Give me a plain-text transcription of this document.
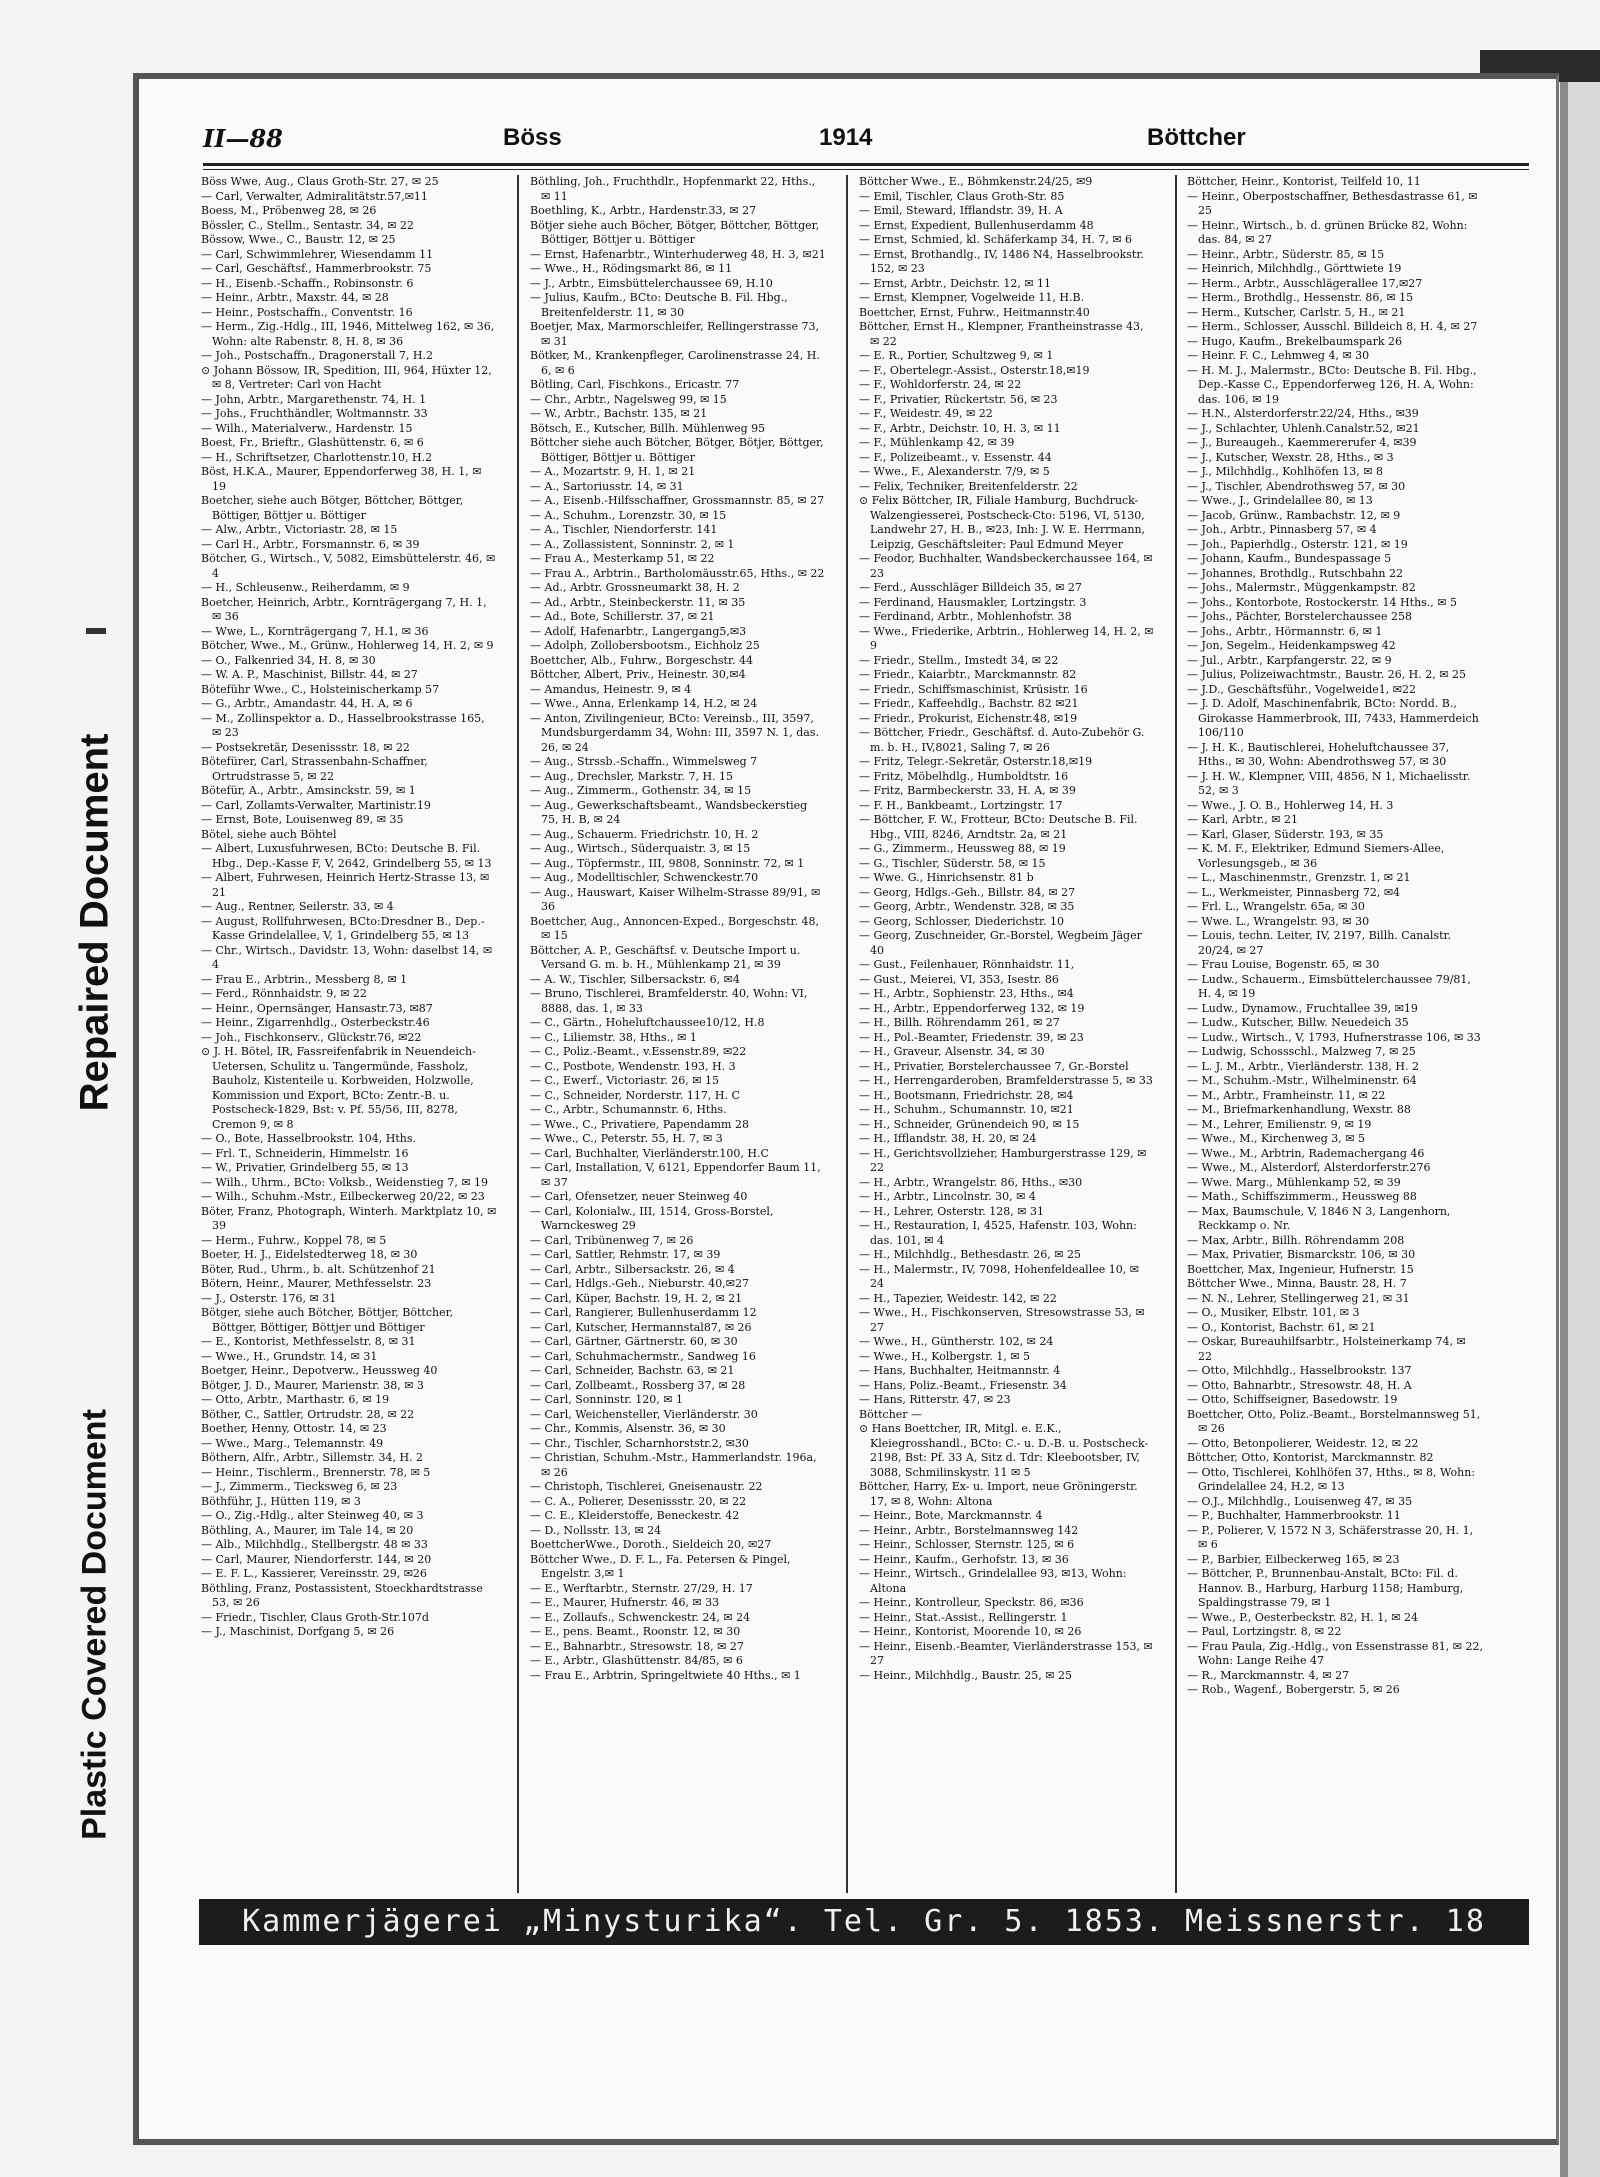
Repaired Document
Plastic Covered Document
II—88	Böss	1914	Böttcher

Böss Wwe, Aug., Claus Groth-Str. 27, ✉ 25

— Carl, Verwalter, Admiralitätstr.57,✉11

Boess, M., Pröbenweg 28, ✉ 26

Bössler, C., Stellm., Sentastr. 34, ✉ 22

Bössow, Wwe., C., Baustr. 12, ✉ 25

— Carl, Schwimmlehrer, Wiesendamm 11

— Carl, Geschäftsf., Hammerbrookstr. 75

— H., Eisenb.-Schaffn., Robinsonstr. 6

— Heinr., Arbtr., Maxstr. 44, ✉ 28

— Heinr., Postschaffn., Conventstr. 16

— Herm., Zig.-Hdlg., III, 1946, Mittelweg 162, ✉ 36, Wohn: alte Rabenstr. 8, H. 8, ✉ 36

— Joh., Postschaffn., Dragonerstall 7, H.2

⊙ Johann Bössow, IR, Spedition, III, 964, Hüxter 12, ✉ 8, Vertreter: Carl von Hacht

— John, Arbtr., Margarethenstr. 74, H. 1

— Johs., Fruchthändler, Woltmannstr. 33

— Wilh., Materialverw., Hardenstr. 15

Boest, Fr., Brieftr., Glashüttenstr. 6, ✉ 6

— H., Schriftsetzer, Charlottenstr.10, H.2

Böst, H.K.A., Maurer, Eppendorferweg 38, H. 1, ✉ 19

Boetcher, siehe auch Bötger, Böttcher, Böttger, Böttiger, Böttjer u. Böttiger

— Alw., Arbtr., Victoriastr. 28, ✉ 15

— Carl H., Arbtr., Forsmannstr. 6, ✉ 39

Bötcher, G., Wirtsch., V, 5082, Eimsbüttelerstr. 46, ✉ 4

— H., Schleusenw., Reiherdamm, ✉ 9

Boetcher, Heinrich, Arbtr., Kornträgergang 7, H. 1, ✉ 36

— Wwe, L., Kornträgergang 7, H.1, ✉ 36

Bötcher, Wwe., M., Grünw., Hohlerweg 14, H. 2, ✉ 9

— O., Falkenried 34, H. 8, ✉ 30

— W. A. P., Maschinist, Billstr. 44, ✉ 27

Böteführ Wwe., C., Holsteinischerkamp 57

— G., Arbtr., Amandastr. 44, H. A, ✉ 6

— M., Zollinspektor a. D., Hasselbrookstrasse 165, ✉ 23

— Postsekretär, Desenissstr. 18, ✉ 22

Bötefürer, Carl, Strassenbahn-Schaffner, Ortrudstrasse 5, ✉ 22

Bötefür, A., Arbtr., Amsinckstr. 59, ✉ 1

— Carl, Zollamts-Verwalter, Martinistr.19

— Ernst, Bote, Louisenweg 89, ✉ 35

Bötel, siehe auch Böhtel

— Albert, Luxusfuhrwesen, BCto: Deutsche B. Fil. Hbg., Dep.-Kasse F, V, 2642, Grindelberg 55, ✉ 13

— Albert, Fuhrwesen, Heinrich Hertz-Strasse 13, ✉ 21

— Aug., Rentner, Seilerstr. 33, ✉ 4

— August, Rollfuhrwesen, BCto:Dresdner B., Dep.-Kasse Grindelallee, V, 1, Grindelberg 55, ✉ 13

— Chr., Wirtsch., Davidstr. 13, Wohn: daselbst 14, ✉ 4

— Frau E., Arbtrin., Messberg 8, ✉ 1

— Ferd., Rönnhaidstr. 9, ✉ 22

— Heinr., Opernsänger, Hansastr.73, ✉87

— Heinr., Zigarrenhdlg., Osterbeckstr.46

— Joh., Fischkonserv., Glückstr.76, ✉22

⊙ J. H. Bötel, IR, Fassreifenfabrik in Neuendeich-Uetersen, Schulitz u. Tangermünde, Fassholz, Bauholz, Kistenteile u. Korbweiden, Holzwolle, Kommission und Export, BCto: Zentr.-B. u. Postscheck-1829, Bst: v. Pf. 55/56, III, 8278, Cremon 9, ✉ 8

— O., Bote, Hasselbrookstr. 104, Hths.

— Frl. T., Schneiderin, Himmelstr. 16

— W., Privatier, Grindelberg 55, ✉ 13

— Wilh., Uhrm., BCto: Volksb., Weidenstieg 7, ✉ 19

— Wilh., Schuhm.-Mstr., Eilbeckerweg 20/22, ✉ 23

Böter, Franz, Photograph, Winterh. Marktplatz 10, ✉ 39

— Herm., Fuhrw., Koppel 78, ✉ 5

Boeter, H. J., Eidelstedterweg 18, ✉ 30

Böter, Rud., Uhrm., b. alt. Schützenhof 21

Bötern, Heinr., Maurer, Methfesselstr. 23

— J., Osterstr. 176, ✉ 31

Bötger, siehe auch Bötcher, Böttjer, Böttcher, Böttger, Böttiger, Böttjer und Böttiger

— E., Kontorist, Methfesselstr. 8, ✉ 31

— Wwe., H., Grundstr. 14, ✉ 31

Boetger, Heinr., Depotverw., Heussweg 40

Bötger, J. D., Maurer, Marienstr. 38, ✉ 3

— Otto, Arbtr., Marthastr. 6, ✉ 19

Böther, C., Sattler, Ortrudstr. 28, ✉ 22

Boether, Henny, Ottostr. 14, ✉ 23

— Wwe., Marg., Telemannstr. 49

Böthern, Alfr., Arbtr., Sillemstr. 34, H. 2

— Heinr., Tischlerm., Brennerstr. 78, ✉ 5

— J., Zimmerm., Tiecksweg 6, ✉ 23

Böthführ, J., Hütten 119, ✉ 3

— O., Zig.-Hdlg., alter Steinweg 40, ✉ 3

Böthling, A., Maurer, im Tale 14, ✉ 20

— Alb., Milchhdlg., Stellbergstr. 48 ✉ 33

— Carl, Maurer, Niendorferstr. 144, ✉ 20

— E. F. L., Kassierer, Vereinsstr. 29, ✉26

Böthling, Franz, Postassistent, Stoeckhardtstrasse 53, ✉ 26

— Friedr., Tischler, Claus Groth-Str.107d

— J., Maschinist, Dorfgang 5, ✉ 26

Böthling, Joh., Fruchthdlr., Hopfenmarkt 22, Hths., ✉ 11

Boethling, K., Arbtr., Hardenstr.33, ✉ 27

Bötjer siehe auch Böcher, Bötger, Böttcher, Böttger, Böttiger, Böttjer u. Böttiger

— Ernst, Hafenarbtr., Winterhuderweg 48, H. 3, ✉21

— Wwe., H., Rödingsmarkt 86, ✉ 11

— J., Arbtr., Eimsbüttelerchaussee 69, H.10

— Julius, Kaufm., BCto: Deutsche B. Fil. Hbg., Breitenfelderstr. 11, ✉ 30

Boetjer, Max, Marmorschleifer, Rellingerstrasse 73, ✉ 31

Bötker, M., Krankenpfleger, Carolinenstrasse 24, H. 6, ✉ 6

Bötling, Carl, Fischkons., Ericastr. 77

— Chr., Arbtr., Nagelsweg 99, ✉ 15

— W., Arbtr., Bachstr. 135, ✉ 21

Bötsch, E., Kutscher, Billh. Mühlenweg 95

Böttcher siehe auch Bötcher, Bötger, Bötjer, Böttger, Böttiger, Böttjer u. Böttiger

— A., Mozartstr. 9, H. 1, ✉ 21

— A., Sartoriusstr. 14, ✉ 31

— A., Eisenb.-Hilfsschaffner, Grossmannstr. 85, ✉ 27

— A., Schuhm., Lorenzstr. 30, ✉ 15

— A., Tischler, Niendorferstr. 141

— A., Zollassistent, Sonninstr. 2, ✉ 1

— Frau A., Mesterkamp 51, ✉ 22

— Frau A., Arbtrin., Bartholomäusstr.65, Hths., ✉ 22

— Ad., Arbtr. Grossneumarkt 38, H. 2

— Ad., Arbtr., Steinbeckerstr. 11, ✉ 35

— Ad., Bote, Schillerstr. 37, ✉ 21

— Adolf, Hafenarbtr., Langergang5,✉3

— Adolph, Zollobersbootsm., Eichholz 25

Boettcher, Alb., Fuhrw., Borgeschstr. 44

Böttcher, Albert, Priv., Heinestr. 30,✉4

— Amandus, Heinestr. 9, ✉ 4

— Wwe., Anna, Erlenkamp 14, H.2, ✉ 24

— Anton, Zivilingenieur, BCto: Vereinsb., III, 3597, Mundsburgerdamm 34, Wohn: III, 3597 N. 1, das. 26, ✉ 24

— Aug., Strssb.-Schaffn., Wimmelsweg 7

— Aug., Drechsler, Markstr. 7, H. 15

— Aug., Zimmerm., Gothenstr. 34, ✉ 15

— Aug., Gewerkschaftsbeamt., Wandsbeckerstieg 75, H. B, ✉ 24

— Aug., Schauerm. Friedrichstr. 10, H. 2

— Aug., Wirtsch., Süderquaistr. 3, ✉ 15

— Aug., Töpfermstr., III, 9808, Sonninstr. 72, ✉ 1

— Aug., Modelltischler, Schwenckestr.70

— Aug., Hauswart, Kaiser Wilhelm-Strasse 89/91, ✉ 36

Boettcher, Aug., Annoncen-Exped., Borgeschstr. 48, ✉ 15

Böttcher, A. P., Geschäftsf. v. Deutsche Import u. Versand G. m. b. H., Mühlenkamp 21, ✉ 39

— A. W., Tischler, Silbersackstr. 6, ✉4

— Bruno, Tischlerei, Bramfelderstr. 40, Wohn: VI, 8888, das. 1, ✉ 33

— C., Gärtn., Hoheluftchaussee10/12, H.8

— C., Liliemstr. 38, Hths., ✉ 1

— C., Poliz.-Beamt., v.Essenstr.89, ✉22

— C., Postbote, Wendenstr. 193, H. 3

— C., Ewerf., Victoriastr. 26, ✉ 15

— C., Schneider, Norderstr. 117, H. C

— C., Arbtr., Schumannstr. 6, Hths.

— Wwe., C., Privatiere, Papendamm 28

— Wwe., C., Peterstr. 55, H. 7, ✉ 3

— Carl, Buchhalter, Vierländerstr.100, H.C

— Carl, Installation, V, 6121, Eppendorfer Baum 11, ✉ 37

— Carl, Ofensetzer, neuer Steinweg 40

— Carl, Kolonialw., III, 1514, Gross-Borstel, Warnckesweg 29

— Carl, Tribünenweg 7, ✉ 26

— Carl, Sattler, Rehmstr. 17, ✉ 39

— Carl, Arbtr., Silbersackstr. 26, ✉ 4

— Carl, Hdlgs.-Geh., Nieburstr. 40,✉27

— Carl, Küper, Bachstr. 19, H. 2, ✉ 21

— Carl, Rangierer, Bullenhuserdamm 12

— Carl, Kutscher, Hermannstal87, ✉ 26

— Carl, Gärtner, Gärtnerstr. 60, ✉ 30

— Carl, Schuhmachermstr., Sandweg 16

— Carl, Schneider, Bachstr. 63, ✉ 21

— Carl, Zollbeamt., Rossberg 37, ✉ 28

— Carl, Sonninstr. 120, ✉ 1

— Carl, Weichensteller, Vierländerstr. 30

— Chr., Kommis, Alsenstr. 36, ✉ 30

— Chr., Tischler, Scharnhorststr.2, ✉30

— Christian, Schuhm.-Mstr., Hammerlandstr. 196a, ✉ 26

— Christoph, Tischlerei, Gneisenaustr. 22

— C. A., Polierer, Desenissstr. 20, ✉ 22

— C. E., Kleiderstoffe, Beneckestr. 42

— D., Nollsstr. 13, ✉ 24

BoettcherWwe., Doroth., Sieldeich 20, ✉27

Böttcher Wwe., D. F. L., Fa. Petersen & Pingel, Engelstr. 3,✉ 1

— E., Werftarbtr., Sternstr. 27/29, H. 17

— E., Maurer, Hufnerstr. 46, ✉ 33

— E., Zollaufs., Schwenckestr. 24, ✉ 24

— E., pens. Beamt., Roonstr. 12, ✉ 30

— E., Bahnarbtr., Stresowstr. 18, ✉ 27

— E., Arbtr., Glashüttenstr. 84/85, ✉ 6

— Frau E., Arbtrin, Springeltwiete 40 Hths., ✉ 1

Böttcher Wwe., E., Böhmkenstr.24/25, ✉9

— Emil, Tischler, Claus Groth-Str. 85

— Emil, Steward, Ifflandstr. 39, H. A

— Ernst, Expedient, Bullenhuserdamm 48

— Ernst, Schmied, kl. Schäferkamp 34, H. 7, ✉ 6

— Ernst, Brothandlg., IV, 1486 N4, Hasselbrookstr. 152, ✉ 23

— Ernst, Arbtr., Deichstr. 12, ✉ 11

— Ernst, Klempner, Vogelweide 11, H.B.

Boettcher, Ernst, Fuhrw., Heitmannstr.40

Böttcher, Ernst H., Klempner, Frantheinstrasse 43, ✉ 22

— E. R., Portier, Schultzweg 9, ✉ 1

— F., Obertelegr.-Assist., Osterstr.18,✉19

— F., Wohldorferstr. 24, ✉ 22

— F., Privatier, Rückertstr. 56, ✉ 23

— F., Weidestr. 49, ✉ 22

— F., Arbtr., Deichstr. 10, H. 3, ✉ 11

— F., Mühlenkamp 42, ✉ 39

— F., Polizeibeamt., v. Essenstr. 44

— Wwe., F., Alexanderstr. 7/9, ✉ 5

— Felix, Techniker, Breitenfelderstr. 22

⊙ Felix Böttcher, IR, Filiale Hamburg, Buchdruck-Walzengiesserei, Postscheck-Cto: 5196, VI, 5130, Landwehr 27, H. B., ✉23, Inh: J. W. E. Herrmann, Leipzig, Geschäftsleiter: Paul Edmund Meyer

— Feodor, Buchhalter, Wandsbeckerchaussee 164, ✉ 23

— Ferd., Ausschläger Billdeich 35, ✉ 27

— Ferdinand, Hausmakler, Lortzingstr. 3

— Ferdinand, Arbtr., Mohlenhofstr. 38

— Wwe., Friederike, Arbtrin., Hohlerweg 14, H. 2, ✉ 9

— Friedr., Stellm., Imstedt 34, ✉ 22

— Friedr., Kaiarbtr., Marckmannstr. 82

— Friedr., Schiffsmaschinist, Krüsistr. 16

— Friedr., Kaffeehdlg., Bachstr. 82 ✉21

— Friedr., Prokurist, Eichenstr.48, ✉19

— Böttcher, Friedr., Geschäftsf. d. Auto-Zubehör G. m. b. H., IV,8021, Saling 7, ✉ 26

— Fritz, Telegr.-Sekretär, Osterstr.18,✉19

— Fritz, Möbelhdlg., Humboldtstr. 16

— Fritz, Barmbeckerstr. 33, H. A, ✉ 39

— F. H., Bankbeamt., Lortzingstr. 17

— Böttcher, F. W., Frotteur, BCto: Deutsche B. Fil. Hbg., VIII, 8246, Arndtstr. 2a, ✉ 21

— G., Zimmerm., Heussweg 88, ✉ 19

— G., Tischler, Süderstr. 58, ✉ 15

— Wwe. G., Hinrichsenstr. 81 b

— Georg, Hdlgs.-Geh., Billstr. 84, ✉ 27

— Georg, Arbtr., Wendenstr. 328, ✉ 35

— Georg, Schlosser, Diederichstr. 10

— Georg, Zuschneider, Gr.-Borstel, Wegbeim Jäger 40

— Gust., Feilenhauer, Rönnhaidstr. 11,

— Gust., Meierei, VI, 353, Isestr. 86

— H., Arbtr., Sophienstr. 23, Hths., ✉4

— H., Arbtr., Eppendorferweg 132, ✉ 19

— H., Billh. Röhrendamm 261, ✉ 27

— H., Pol.-Beamter, Friedenstr. 39, ✉ 23

— H., Graveur, Alsenstr. 34, ✉ 30

— H., Privatier, Borstelerchaussee 7, Gr.-Borstel

— H., Herrengarderoben, Bramfelderstrasse 5, ✉ 33

— H., Bootsmann, Friedrichstr. 28, ✉4

— H., Schuhm., Schumannstr. 10, ✉21

— H., Schneider, Grünendeich 90, ✉ 15

— H., Ifflandstr. 38, H. 20, ✉ 24

— H., Gerichtsvollzieher, Hamburgerstrasse 129, ✉ 22

— H., Arbtr., Wrangelstr. 86, Hths., ✉30

— H., Arbtr., Lincolnstr. 30, ✉ 4

— H., Lehrer, Osterstr. 128, ✉ 31

— H., Restauration, I, 4525, Hafenstr. 103, Wohn: das. 101, ✉ 4

— H., Milchhdlg., Bethesdastr. 26, ✉ 25

— H., Malermstr., IV, 7098, Hohenfeldeallee 10, ✉ 24

— H., Tapezier, Weidestr. 142, ✉ 22

— Wwe., H., Fischkonserven, Stresowstrasse 53, ✉ 27

— Wwe., H., Güntherstr. 102, ✉ 24

— Wwe., H., Kolbergstr. 1, ✉ 5

— Hans, Buchhalter, Heitmannstr. 4

— Hans, Poliz.-Beamt., Friesenstr. 34

— Hans, Ritterstr. 47, ✉ 23

Böttcher —

⊙ Hans Boettcher, IR, Mitgl. e. E.K., Kleiegrosshandl., BCto: C.- u. D.-B. u. Postscheck- 2198, Bst: Pf. 33 A, Sitz d. Tdr: Kleebootsber, IV, 3088, Schmilinskystr. 11 ✉ 5

Böttcher, Harry, Ex- u. Import, neue Gröningerstr. 17, ✉ 8, Wohn: Altona

— Heinr., Bote, Marckmannstr. 4

— Heinr., Arbtr., Borstelmannsweg 142

— Heinr., Schlosser, Sternstr. 125, ✉ 6

— Heinr., Kaufm., Gerhofstr. 13, ✉ 36

— Heinr., Wirtsch., Grindelallee 93, ✉13, Wohn: Altona

— Heinr., Kontrolleur, Speckstr. 86, ✉36

— Heinr., Stat.-Assist., Rellingerstr. 1

— Heinr., Kontorist, Moorende 10, ✉ 26

— Heinr., Eisenb.-Beamter, Vierländerstrasse 153, ✉ 27

— Heinr., Milchhdlg., Baustr. 25, ✉ 25

Böttcher, Heinr., Kontorist, Teilfeld 10, 11

— Heinr., Oberpostschaffner, Bethesdastrasse 61, ✉ 25

— Heinr., Wirtsch., b. d. grünen Brücke 82, Wohn: das. 84, ✉ 27

— Heinr., Arbtr., Süderstr. 85, ✉ 15

— Heinrich, Milchhdlg., Görttwiete 19

— Herm., Arbtr., Ausschlägerallee 17,✉27

— Herm., Brothdlg., Hessenstr. 86, ✉ 15

— Herm., Kutscher, Carlstr. 5, H., ✉ 21

— Herm., Schlosser, Ausschl. Billdeich 8, H. 4, ✉ 27

— Hugo, Kaufm., Brekelbaumspark 26

— Heinr. F. C., Lehmweg 4, ✉ 30

— H. M. J., Malermstr., BCto: Deutsche B. Fil. Hbg., Dep.-Kasse C., Eppendorferweg 126, H. A, Wohn: das. 106, ✉ 19

— H.N., Alsterdorferstr.22/24, Hths., ✉39

— J., Schlachter, Uhlenh.Canalstr.52, ✉21

— J., Bureaugeh., Kaemmererufer 4, ✉39

— J., Kutscher, Wexstr. 28, Hths., ✉ 3

— J., Milchhdlg., Kohlhöfen 13, ✉ 8

— J., Tischler, Abendrothsweg 57, ✉ 30

— Wwe., J., Grindelallee 80, ✉ 13

— Jacob, Grünw., Rambachstr. 12, ✉ 9

— Joh., Arbtr., Pinnasberg 57, ✉ 4

— Joh., Papierhdlg., Osterstr. 121, ✉ 19

— Johann, Kaufm., Bundespassage 5

— Johannes, Brothdlg., Rutschbahn 22

— Johs., Malermstr., Müggenkampstr. 82

— Johs., Kontorbote, Rostockerstr. 14 Hths., ✉ 5

— Johs., Pächter, Borstelerchaussee 258

— Johs., Arbtr., Hörmannstr. 6, ✉ 1

— Jon, Segelm., Heidenkampsweg 42

— Jul., Arbtr., Karpfangerstr. 22, ✉ 9

— Julius, Polizeiwachtmstr., Baustr. 26, H. 2, ✉ 25

— J.D., Geschäftsführ., Vogelweide1, ✉22

— J. D. Adolf, Maschinenfabrik, BCto: Nordd. B., Girokasse Hammerbrook, III, 7433, Hammerdeich 106/110

— J. H. K., Bautischlerei, Hoheluftchaussee 37, Hths., ✉ 30, Wohn: Abendrothsweg 57, ✉ 30

— J. H. W., Klempner, VIII, 4856, N 1, Michaelisstr. 52, ✉ 3

— Wwe., J. O. B., Hohlerweg 14, H. 3

— Karl, Arbtr., ✉ 21

— Karl, Glaser, Süderstr. 193, ✉ 35

— K. M. F., Elektriker, Edmund Siemers-Allee, Vorlesungsgeb., ✉ 36

— L., Maschinenmstr., Grenzstr. 1, ✉ 21

— L., Werkmeister, Pinnasberg 72, ✉4

— Frl. L., Wrangelstr. 65a, ✉ 30

— Wwe. L., Wrangelstr. 93, ✉ 30

— Louis, techn. Leiter, IV, 2197, Billh. Canalstr. 20/24, ✉ 27

— Frau Louise, Bogenstr. 65, ✉ 30

— Ludw., Schauerm., Eimsbüttelerchaussee 79/81, H. 4, ✉ 19

— Ludw., Dynamow., Fruchtallee 39, ✉19

— Ludw., Kutscher, Billw. Neuedeich 35

— Ludw., Wirtsch., V, 1793, Hufnerstrasse 106, ✉ 33

— Ludwig, Schossschl., Malzweg 7, ✉ 25

— L. J. M., Arbtr., Vierländerstr. 138, H. 2

— M., Schuhm.-Mstr., Wilhelminenstr. 64

— M., Arbtr., Framheinstr. 11, ✉ 22

— M., Briefmarkenhandlung, Wexstr. 88

— M., Lehrer, Emilienstr. 9, ✉ 19

— Wwe., M., Kirchenweg 3, ✉ 5

— Wwe., M., Arbtrin, Rademachergang 46

— Wwe., M., Alsterdorf, Alsterdorferstr.276

— Wwe. Marg., Mühlenkamp 52, ✉ 39

— Math., Schiffszimmerm., Heussweg 88

— Max, Baumschule, V, 1846 N 3, Langenhorn, Reckkamp o. Nr.

— Max, Arbtr., Billh. Röhrendamm 208

— Max, Privatier, Bismarckstr. 106, ✉ 30

Boettcher, Max, Ingenieur, Hufnerstr. 15

Böttcher Wwe., Minna, Baustr. 28, H. 7

— N. N., Lehrer, Stellingerweg 21, ✉ 31

— O., Musiker, Elbstr. 101, ✉ 3

— O., Kontorist, Bachstr. 61, ✉ 21

— Oskar, Bureauhilfsarbtr., Holsteinerkamp 74, ✉ 22

— Otto, Milchhdlg., Hasselbrookstr. 137

— Otto, Bahnarbtr., Stresowstr. 48, H. A

— Otto, Schiffseigner, Basedowstr. 19

Boettcher, Otto, Poliz.-Beamt., Borstelmannsweg 51, ✉ 26

— Otto, Betonpolierer, Weidestr. 12, ✉ 22

Böttcher, Otto, Kontorist, Marckmannstr. 82

— Otto, Tischlerei, Kohlhöfen 37, Hths., ✉ 8, Wohn: Grindelallee 24, H.2, ✉ 13

— O.J., Milchhdlg., Louisenweg 47, ✉ 35

— P., Buchhalter, Hammerbrookstr. 11

— P., Polierer, V, 1572 N 3, Schäferstrasse 20, H. 1, ✉ 6

— P., Barbier, Eilbeckerweg 165, ✉ 23

— Böttcher, P., Brunnenbau-Anstalt, BCto: Fil. d. Hannov. B., Harburg, Harburg 1158; Hamburg, Spaldingstrasse 79, ✉ 1

— Wwe., P., Oesterbeckstr. 82, H. 1, ✉ 24

— Paul, Lortzingstr. 8, ✉ 22

— Frau Paula, Zig.-Hdlg., von Essenstrasse 81, ✉ 22, Wohn: Lange Reihe 47

— R., Marckmannstr. 4, ✉ 27

— Rob., Wagenf., Bobergerstr. 5, ✉ 26

Kammerjägerei „Minysturika“. Tel. Gr. 5. 1853. Meissnerstr. 18
